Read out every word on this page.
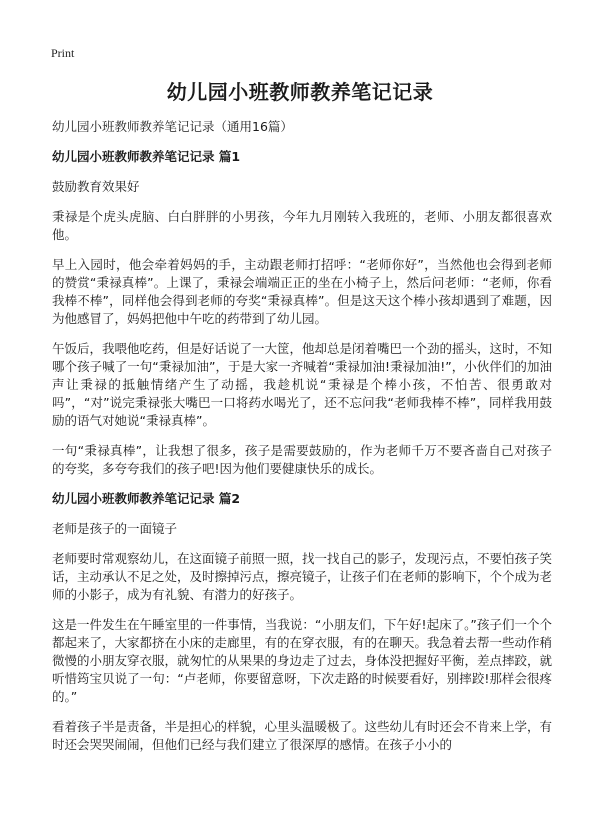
Print
幼儿园小班教师教养笔记记录

幼儿园小班教师教养笔记记录（通用16篇）

幼儿园小班教师教养笔记记录 篇1

鼓励教育效果好

秉禄是个虎头虎脑、白白胖胖的小男孩，今年九月刚转入我班的，老师、小朋友都很喜欢他。

早上入园时，他会牵着妈妈的手，主动跟老师打招呼：“老师你好”，当然他也会得到老师的赞赏“秉禄真棒”。上课了，秉禄会端端正正的坐在小椅子上，然后问老师：“老师，你看我棒不棒”，同样他会得到老师的夸奖“秉禄真棒”。但是这天这个棒小孩却遇到了难题，因为他感冒了，妈妈把他中午吃的药带到了幼儿园。

午饭后，我喂他吃药，但是好话说了一大筐，他却总是闭着嘴巴一个劲的摇头，这时，不知哪个孩子喊了一句“秉禄加油”，于是大家一齐喊着“秉禄加油!秉禄加油!”，小伙伴们的加油声让秉禄的抵触情绪产生了动摇，我趁机说“秉禄是个棒小孩，不怕苦、很勇敢对吗”，“对”说完秉禄张大嘴巴一口将药水喝光了，还不忘问我“老师我棒不棒”，同样我用鼓励的语气对她说“秉禄真棒”。

一句“秉禄真棒”，让我想了很多，孩子是需要鼓励的，作为老师千万不要吝啬自己对孩子的夸奖，多夸夸我们的孩子吧!因为他们要健康快乐的成长。

幼儿园小班教师教养笔记记录 篇2

老师是孩子的一面镜子

老师要时常观察幼儿，在这面镜子前照一照，找一找自己的影子，发现污点，不要怕孩子笑话，主动承认不足之处，及时擦掉污点，擦亮镜子，让孩子们在老师的影响下，个个成为老师的小影子，成为有礼貌、有潜力的好孩子。

这是一件发生在午睡室里的一件事情，当我说：“小朋友们，下午好!起床了。”孩子们一个个都起来了，大家都挤在小床的走廊里，有的在穿衣服，有的在聊天。我急着去帮一些动作稍微慢的小朋友穿衣服，就匆忙的从果果的身边走了过去，身体没把握好平衡，差点摔跤，就听惜筠宝贝说了一句：“卢老师，你要留意呀，下次走路的时候要看好，别摔跤!那样会很疼的。”

看着孩子半是责备，半是担心的样貌，心里头温暖极了。这些幼儿有时还会不肯来上学，有时还会哭哭闹闹，但他们已经与我们建立了很深厚的感情。在孩子小小的
